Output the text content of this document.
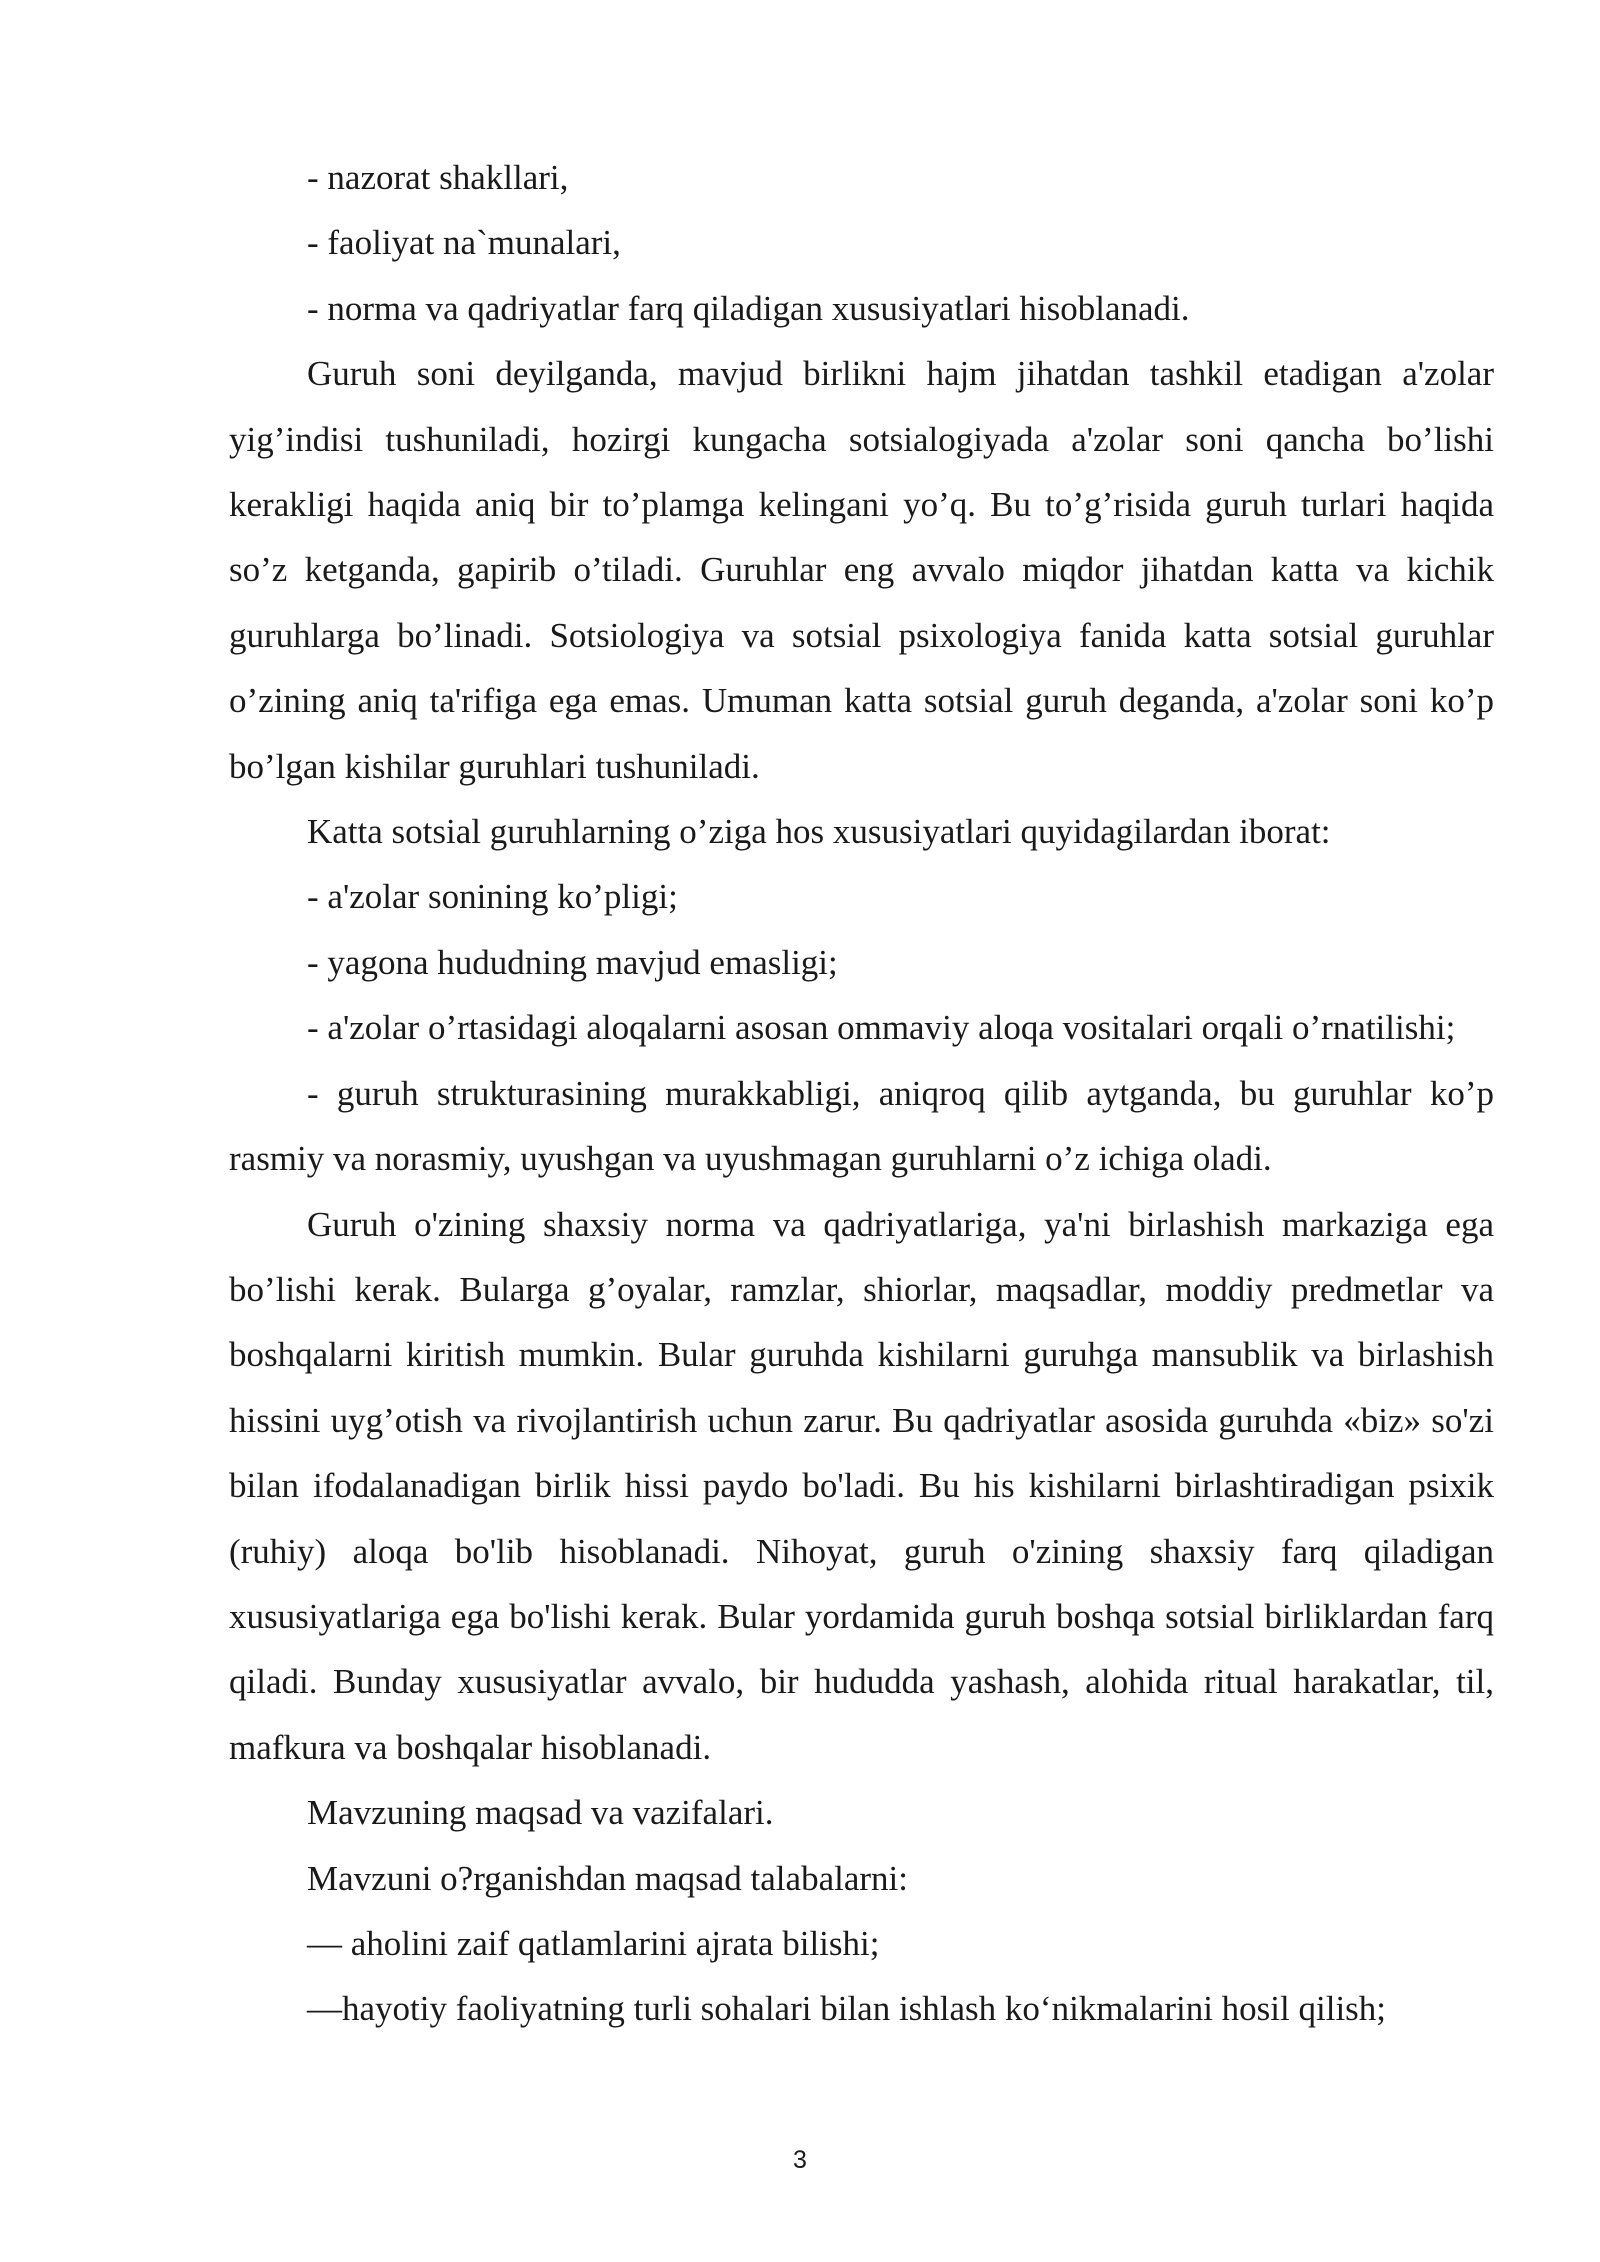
- nazorat shakllari,

- faoliyat na`munalari,

- norma va qadriyatlar farq qiladigan xususiyatlari hisoblanadi.

Guruh soni deyilganda, mavjud birlikni hajm jihatdan tashkil etadigan a'zolar yig’indisi tushuniladi, hozirgi kungacha sotsialogiyada a'zolar soni qancha bo’lishi kerakligi haqida aniq bir to’plamga kelingani yo’q. Bu to’g’risida guruh turlari haqida so’z ketganda, gapirib o’tiladi. Guruhlar eng avvalo miqdor jihatdan katta va kichik guruhlarga bo’linadi. Sotsiologiya va sotsial psixologiya fanida katta sotsial guruhlar o’zining aniq ta'rifiga ega emas. Umuman katta sotsial guruh deganda, a'zolar soni ko’p bo’lgan kishilar guruhlari tushuniladi.

Katta sotsial guruhlarning o’ziga hos xususiyatlari quyidagilardan iborat:

- a'zolar sonining ko’pligi;

- yagona hududning mavjud emasligi;

- a'zolar o’rtasidagi aloqalarni asosan ommaviy aloqa vositalari orqali o’rnatilishi;

- guruh strukturasining murakkabligi, aniqroq qilib aytganda, bu guruhlar ko’p rasmiy va norasmiy, uyushgan va uyushmagan guruhlarni o’z ichiga oladi.

Guruh o'zining shaxsiy norma va qadriyatlariga, ya'ni birlashish markaziga ega bo’lishi kerak. Bularga g’oyalar, ramzlar, shiorlar, maqsadlar, moddiy predmetlar va boshqalarni kiritish mumkin. Bular guruhda kishilarni guruhga mansublik va birlashish hissini uyg’otish va rivojlantirish uchun zarur. Bu qadriyatlar asosida guruhda «biz» so'zi bilan ifodalanadigan birlik hissi paydo bo'ladi. Bu his kishilarni birlashtiradigan psixik (ruhiy) aloqa bo'lib hisoblanadi. Nihoyat, guruh o'zining shaxsiy farq qiladigan xususiyatlariga ega bo'lishi kerak. Bular yordamida guruh boshqa sotsial birliklardan farq qiladi. Bunday xususiyatlar avvalo, bir hududda yashash, alohida ritual harakatlar, til, mafkura va boshqalar hisoblanadi.

Mavzuning maqsad va vazifalari.

Mavzuni o?rganishdan maqsad talabalarni:

— aholini zaif qatlamlarini ajrata bilishi;

—hayotiy faoliyatning turli sohalari bilan ishlash ko‘nikmalarini hosil qilish;

3
